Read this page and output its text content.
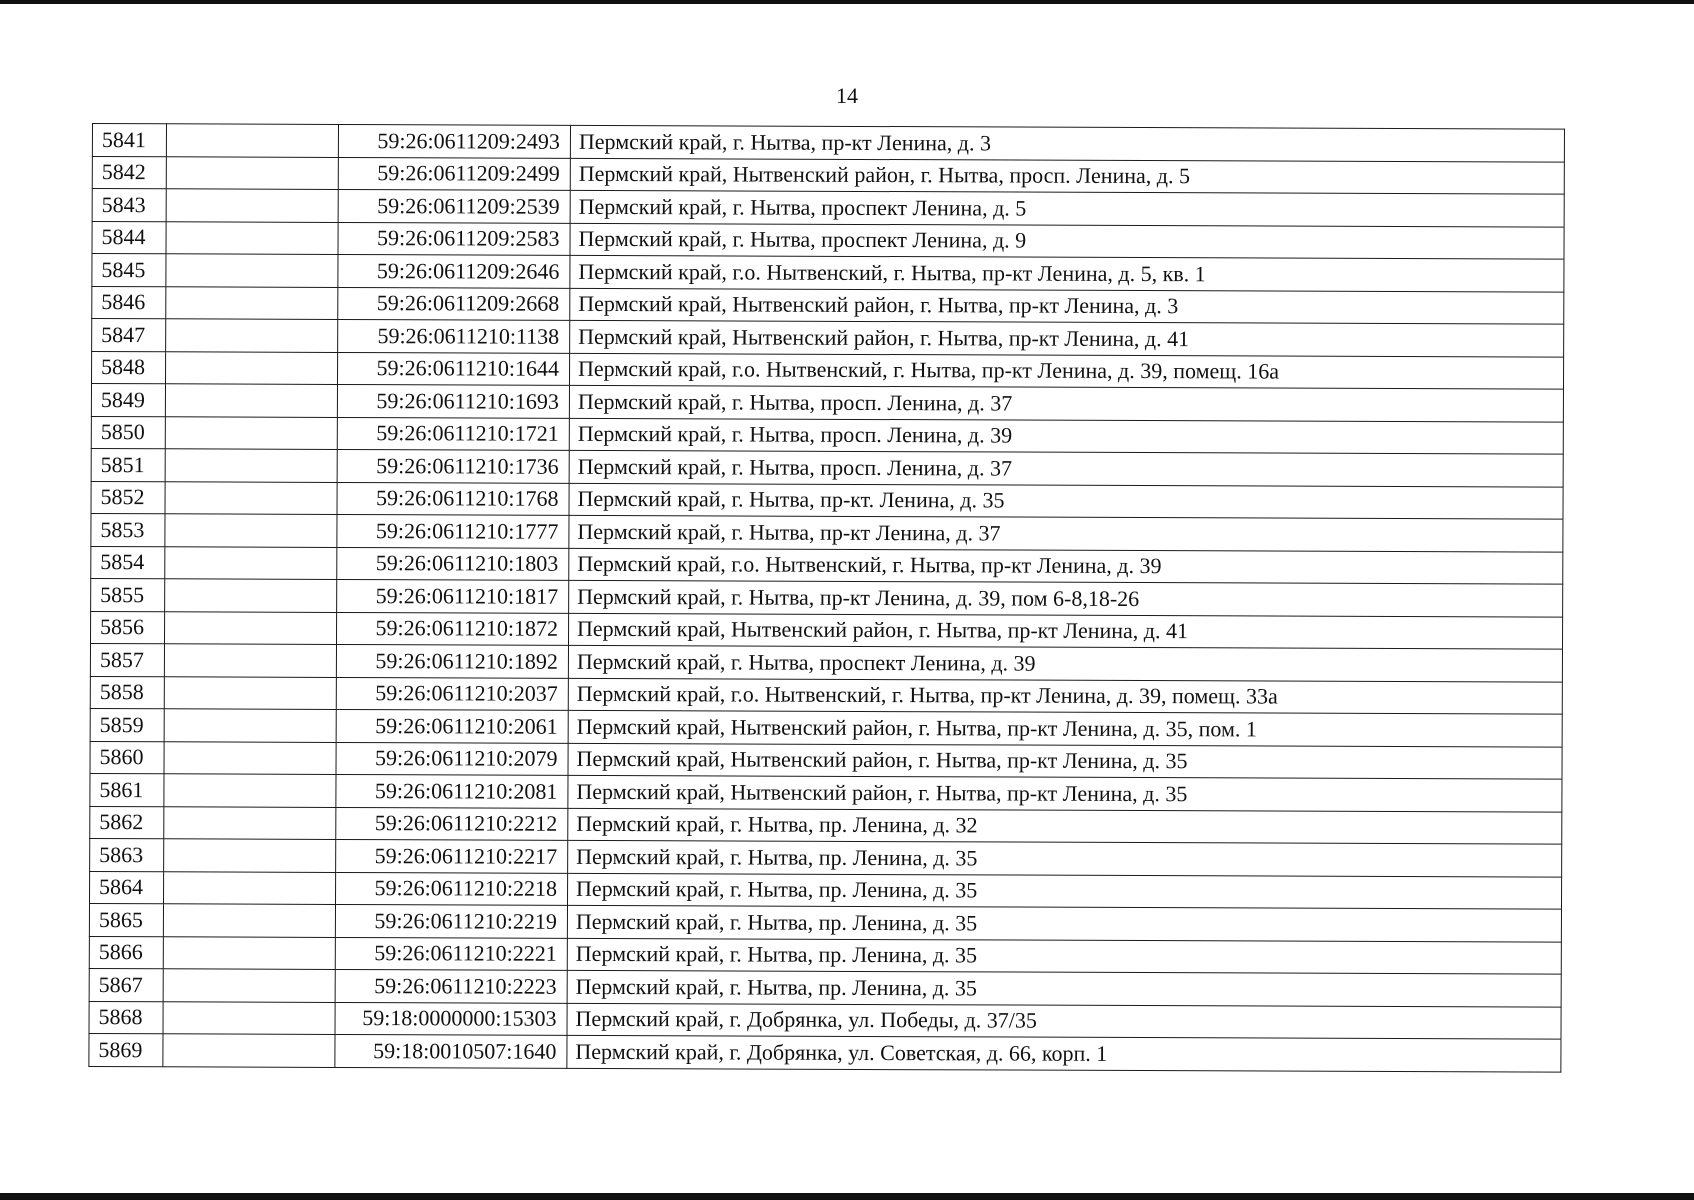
14
5841		59:26:0611209:2493	Пермский край, г. Нытва, пр-кт Ленина, д. 3
5842		59:26:0611209:2499	Пермский край, Нытвенский район, г. Нытва, просп. Ленина, д. 5
5843		59:26:0611209:2539	Пермский край, г. Нытва, проспект Ленина, д. 5
5844		59:26:0611209:2583	Пермский край, г. Нытва, проспект Ленина, д. 9
5845		59:26:0611209:2646	Пермский край, г.о. Нытвенский, г. Нытва, пр-кт Ленина, д. 5, кв. 1
5846		59:26:0611209:2668	Пермский край, Нытвенский район, г. Нытва, пр-кт Ленина, д. 3
5847		59:26:0611210:1138	Пермский край, Нытвенский район, г. Нытва, пр-кт Ленина, д. 41
5848		59:26:0611210:1644	Пермский край, г.о. Нытвенский, г. Нытва, пр-кт Ленина, д. 39, помещ. 16а
5849		59:26:0611210:1693	Пермский край, г. Нытва, просп. Ленина, д. 37
5850		59:26:0611210:1721	Пермский край, г. Нытва, просп. Ленина, д. 39
5851		59:26:0611210:1736	Пермский край, г. Нытва, просп. Ленина, д. 37
5852		59:26:0611210:1768	Пермский край, г. Нытва, пр-кт. Ленина, д. 35
5853		59:26:0611210:1777	Пермский край, г. Нытва, пр-кт Ленина, д. 37
5854		59:26:0611210:1803	Пермский край, г.о. Нытвенский, г. Нытва, пр-кт Ленина, д. 39
5855		59:26:0611210:1817	Пермский край, г. Нытва, пр-кт Ленина, д. 39, пом 6-8,18-26
5856		59:26:0611210:1872	Пермский край, Нытвенский район, г. Нытва, пр-кт Ленина, д. 41
5857		59:26:0611210:1892	Пермский край, г. Нытва, проспект Ленина, д. 39
5858		59:26:0611210:2037	Пермский край, г.о. Нытвенский, г. Нытва, пр-кт Ленина, д. 39, помещ. 33а
5859		59:26:0611210:2061	Пермский край, Нытвенский район, г. Нытва, пр-кт Ленина, д. 35, пом. 1
5860		59:26:0611210:2079	Пермский край, Нытвенский район, г. Нытва, пр-кт Ленина, д. 35
5861		59:26:0611210:2081	Пермский край, Нытвенский район, г. Нытва, пр-кт Ленина, д. 35
5862		59:26:0611210:2212	Пермский край, г. Нытва, пр. Ленина, д. 32
5863		59:26:0611210:2217	Пермский край, г. Нытва, пр. Ленина, д. 35
5864		59:26:0611210:2218	Пермский край, г. Нытва, пр. Ленина, д. 35
5865		59:26:0611210:2219	Пермский край, г. Нытва, пр. Ленина, д. 35
5866		59:26:0611210:2221	Пермский край, г. Нытва, пр. Ленина, д. 35
5867		59:26:0611210:2223	Пермский край, г. Нытва, пр. Ленина, д. 35
5868		59:18:0000000:15303	Пермский край, г. Добрянка, ул. Победы, д. 37/35
5869		59:18:0010507:1640	Пермский край, г. Добрянка, ул. Советская, д. 66, корп. 1
